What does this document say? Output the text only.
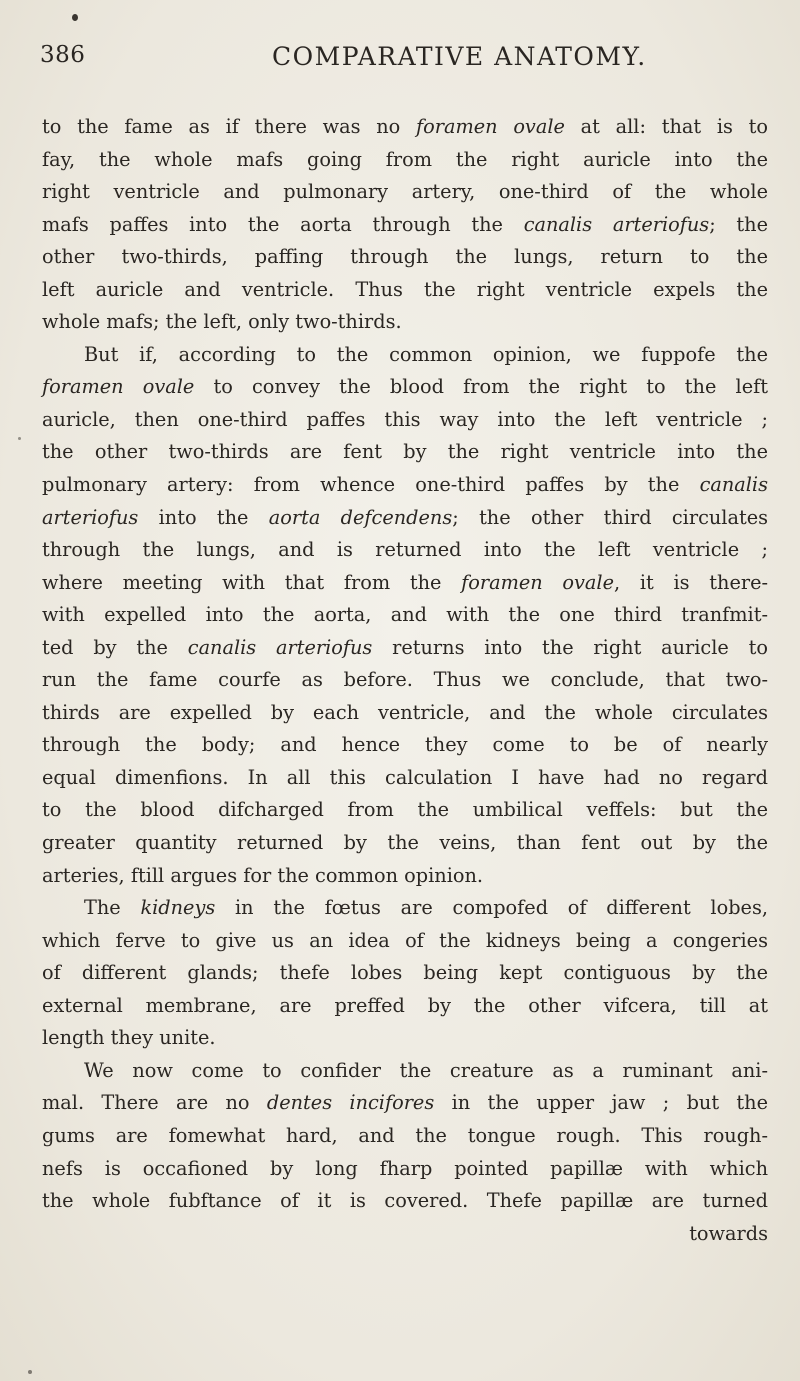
386	COMPARATIVE ANATOMY.
to the fame as if there was no foramen ovale at all: that is to
fay, the whole mafs going from the right auricle into the
right ventricle and pulmonary artery, one-third of the whole
mafs paffes into the aorta through the canalis arteriofus; the
other two-thirds, paffing through the lungs, return to the
left auricle and ventricle. Thus the right ventricle expels the
whole mafs; the left, only two-thirds.
But if, according to the common opinion, we fuppofe the
foramen ovale to convey the blood from the right to the left
auricle, then one-third paffes this way into the left ventricle ;
the other two-thirds are fent by the right ventricle into the
pulmonary artery: from whence one-third paffes by the canalis
arteriofus into the aorta defcendens; the other third circulates
through the lungs, and is returned into the left ventricle ;
where meeting with that from the foramen ovale, it is there-
with expelled into the aorta, and with the one third tranfmit-
ted by the canalis arteriofus returns into the right auricle to
run the fame courfe as before. Thus we conclude, that two-
thirds are expelled by each ventricle, and the whole circulates
through the body; and hence they come to be of nearly
equal dimenfions. In all this calculation I have had no regard
to the blood difcharged from the umbilical veffels: but the
greater quantity returned by the veins, than fent out by the
arteries, ftill argues for the common opinion.
The kidneys in the fœtus are compofed of different lobes,
which ferve to give us an idea of the kidneys being a congeries
of different glands; thefe lobes being kept contiguous by the
external membrane, are preffed by the other vifcera, till at
length they unite.
We now come to confider the creature as a ruminant ani-
mal. There are no dentes incifores in the upper jaw ; but the
gums are fomewhat hard, and the tongue rough. This rough-
nefs is occafioned by long fharp pointed papillæ with which
the whole fubftance of it is covered. Thefe papillæ are turned
towards
